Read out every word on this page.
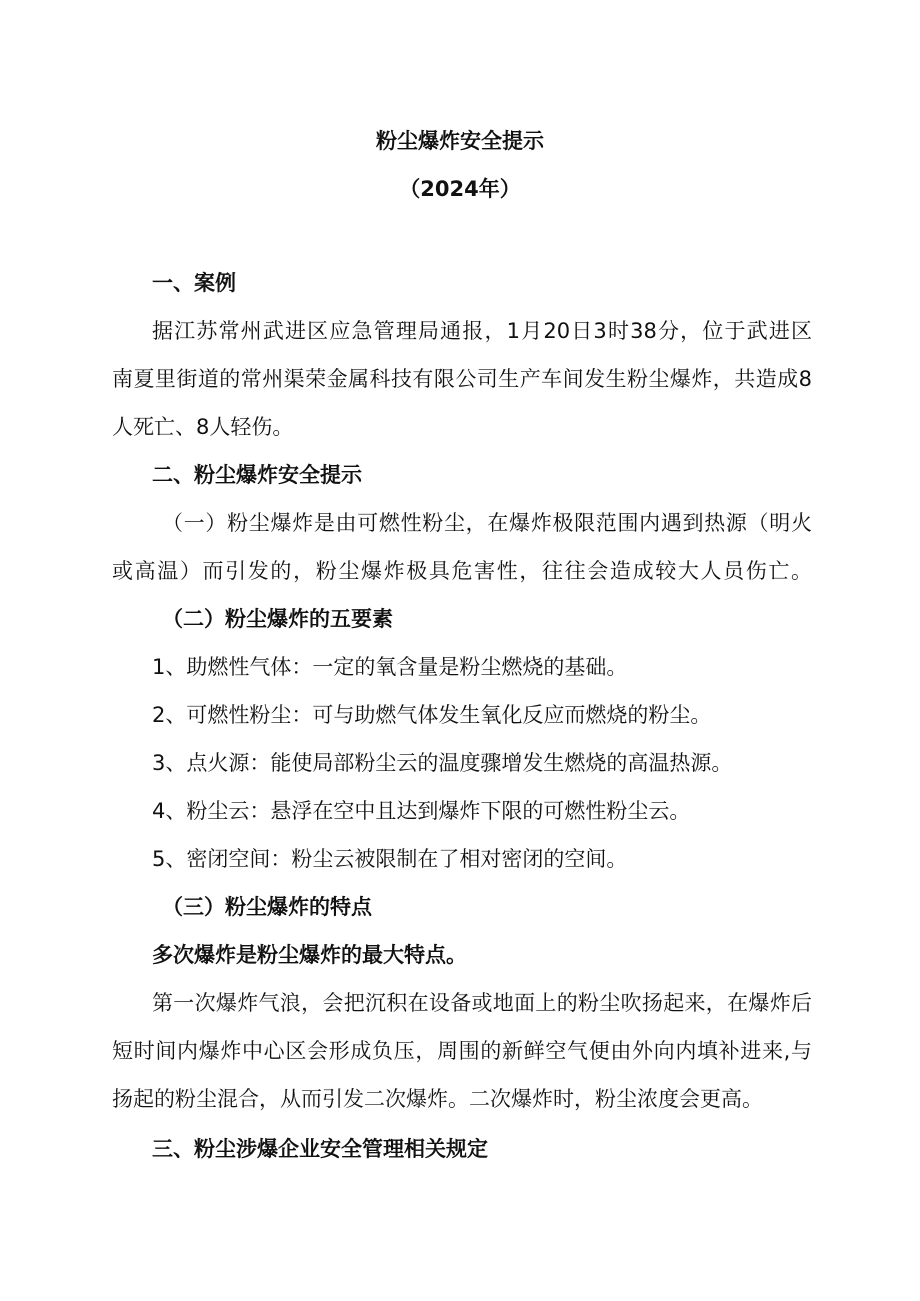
粉尘爆炸安全提示
（2024年）
一、案例
据江苏常州武进区应急管理局通报，1月20日3时38分，位于武进区
南夏里街道的常州渠荣金属科技有限公司生产车间发生粉尘爆炸，共造成8
人死亡、8人轻伤。
二、粉尘爆炸安全提示
（一）粉尘爆炸是由可燃性粉尘，在爆炸极限范围内遇到热源（明火
或高温）而引发的，粉尘爆炸极具危害性，往往会造成较大人员伤亡。
（二）粉尘爆炸的五要素
1、助燃性气体：一定的氧含量是粉尘燃烧的基础。
2、可燃性粉尘：可与助燃气体发生氧化反应而燃烧的粉尘。
3、点火源：能使局部粉尘云的温度骤增发生燃烧的高温热源。
4、粉尘云：悬浮在空中且达到爆炸下限的可燃性粉尘云。
5、密闭空间：粉尘云被限制在了相对密闭的空间。
（三）粉尘爆炸的特点
多次爆炸是粉尘爆炸的最大特点。
第一次爆炸气浪，会把沉积在设备或地面上的粉尘吹扬起来，在爆炸后
短时间内爆炸中心区会形成负压，周围的新鲜空气便由外向内填补进来,与
扬起的粉尘混合，从而引发二次爆炸。二次爆炸时，粉尘浓度会更高。
三、粉尘涉爆企业安全管理相关规定
